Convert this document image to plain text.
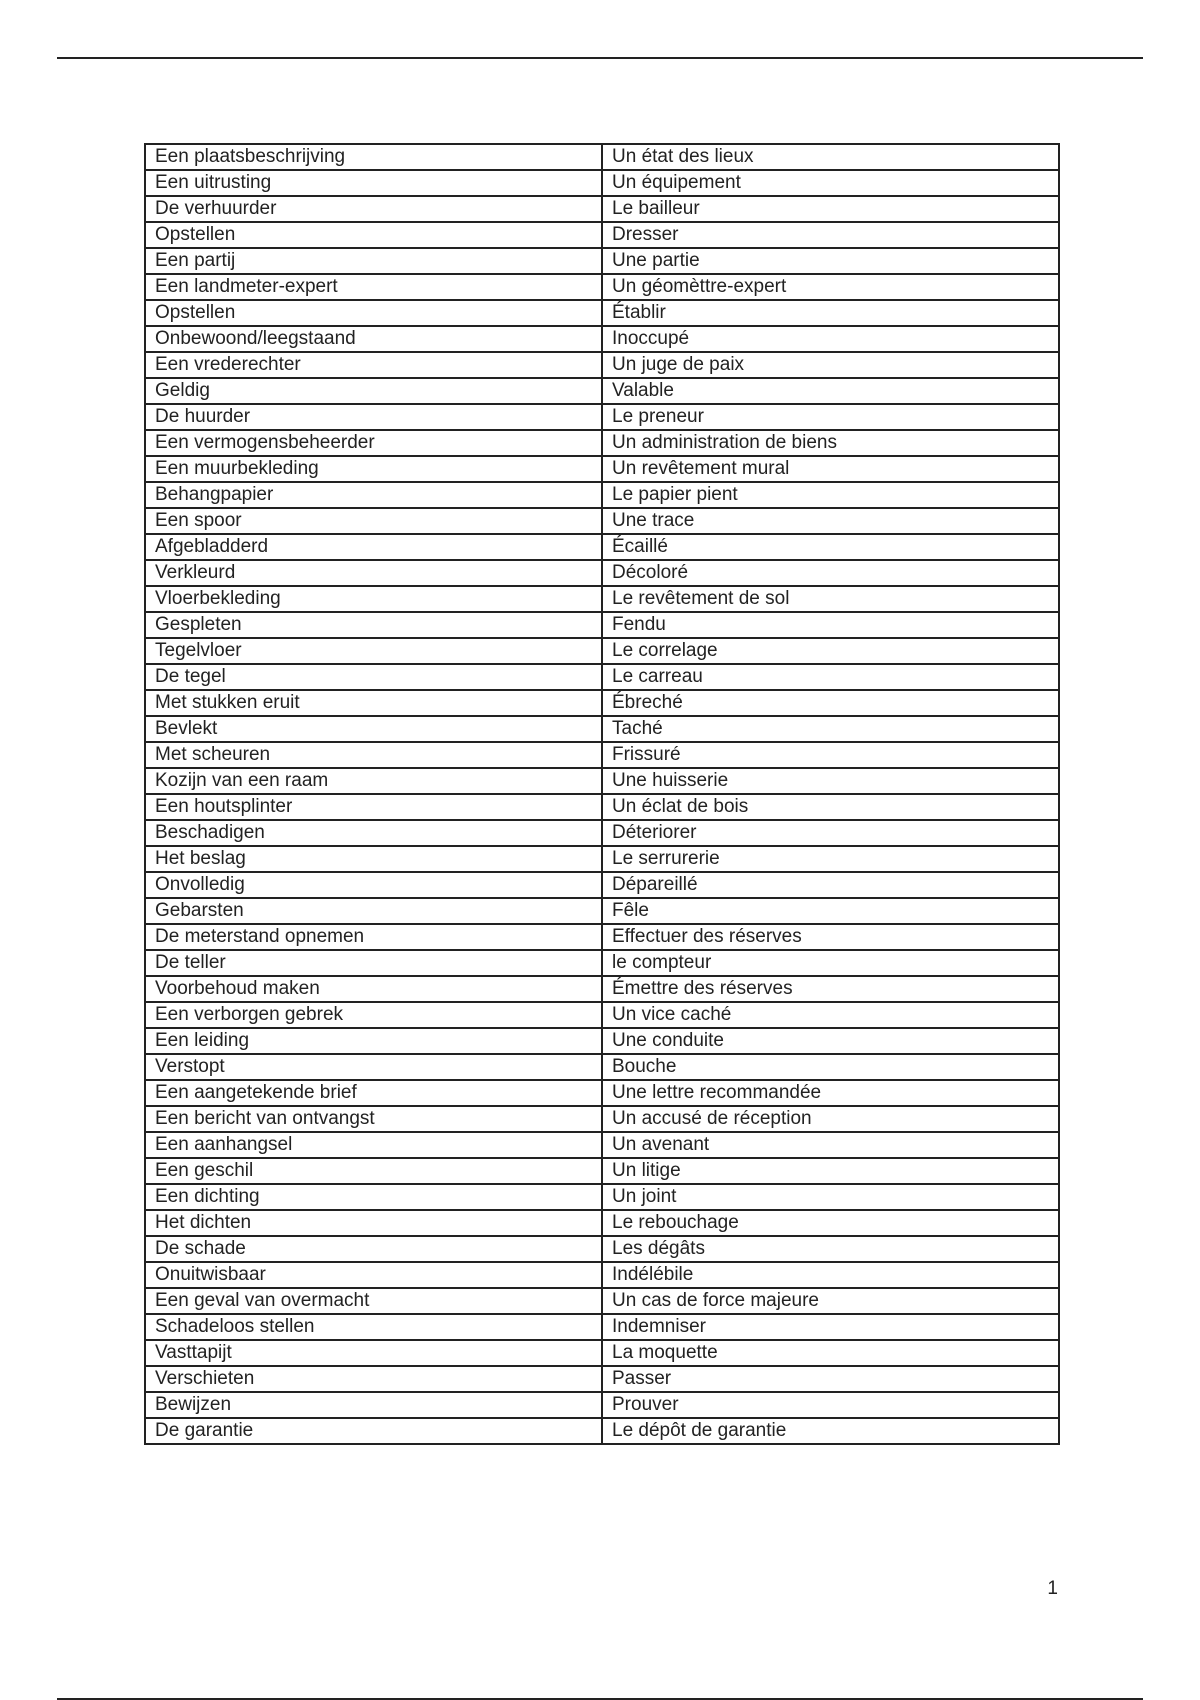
Een plaatsbeschrijving	Un état des lieux
Een uitrusting	Un équipement
De verhuurder	Le bailleur
Opstellen	Dresser
Een partij	Une partie
Een landmeter-expert	Un géomèttre-expert
Opstellen	Établir
Onbewoond/leegstaand	Inoccupé
Een vrederechter	Un juge de paix
Geldig	Valable
De huurder	Le preneur
Een vermogensbeheerder	Un administration de biens
Een muurbekleding	Un revêtement mural
Behangpapier	Le papier pient
Een spoor	Une trace
Afgebladderd	Écaillé
Verkleurd	Décoloré
Vloerbekleding	Le revêtement de sol
Gespleten	Fendu
Tegelvloer	Le correlage
De tegel	Le carreau
Met stukken eruit	Ébreché
Bevlekt	Taché
Met scheuren	Frissuré
Kozijn van een raam	Une huisserie
Een houtsplinter	Un éclat de bois
Beschadigen	Déteriorer
Het beslag	Le serrurerie
Onvolledig	Dépareillé
Gebarsten	Fêle
De meterstand opnemen	Effectuer des réserves
De teller	le compteur
Voorbehoud maken	Émettre des réserves
Een verborgen gebrek	Un vice caché
Een leiding	Une conduite
Verstopt	Bouche
Een aangetekende brief	Une lettre recommandée
Een bericht van ontvangst	Un accusé de réception
Een aanhangsel	Un avenant
Een geschil	Un litige
Een dichting	Un joint
Het dichten	Le rebouchage
De schade	Les dégâts
Onuitwisbaar	Indélébile
Een geval van overmacht	Un cas de force majeure
Schadeloos stellen	Indemniser
Vasttapijt	La moquette
Verschieten	Passer
Bewijzen	Prouver
De garantie	Le dépôt de garantie
1
